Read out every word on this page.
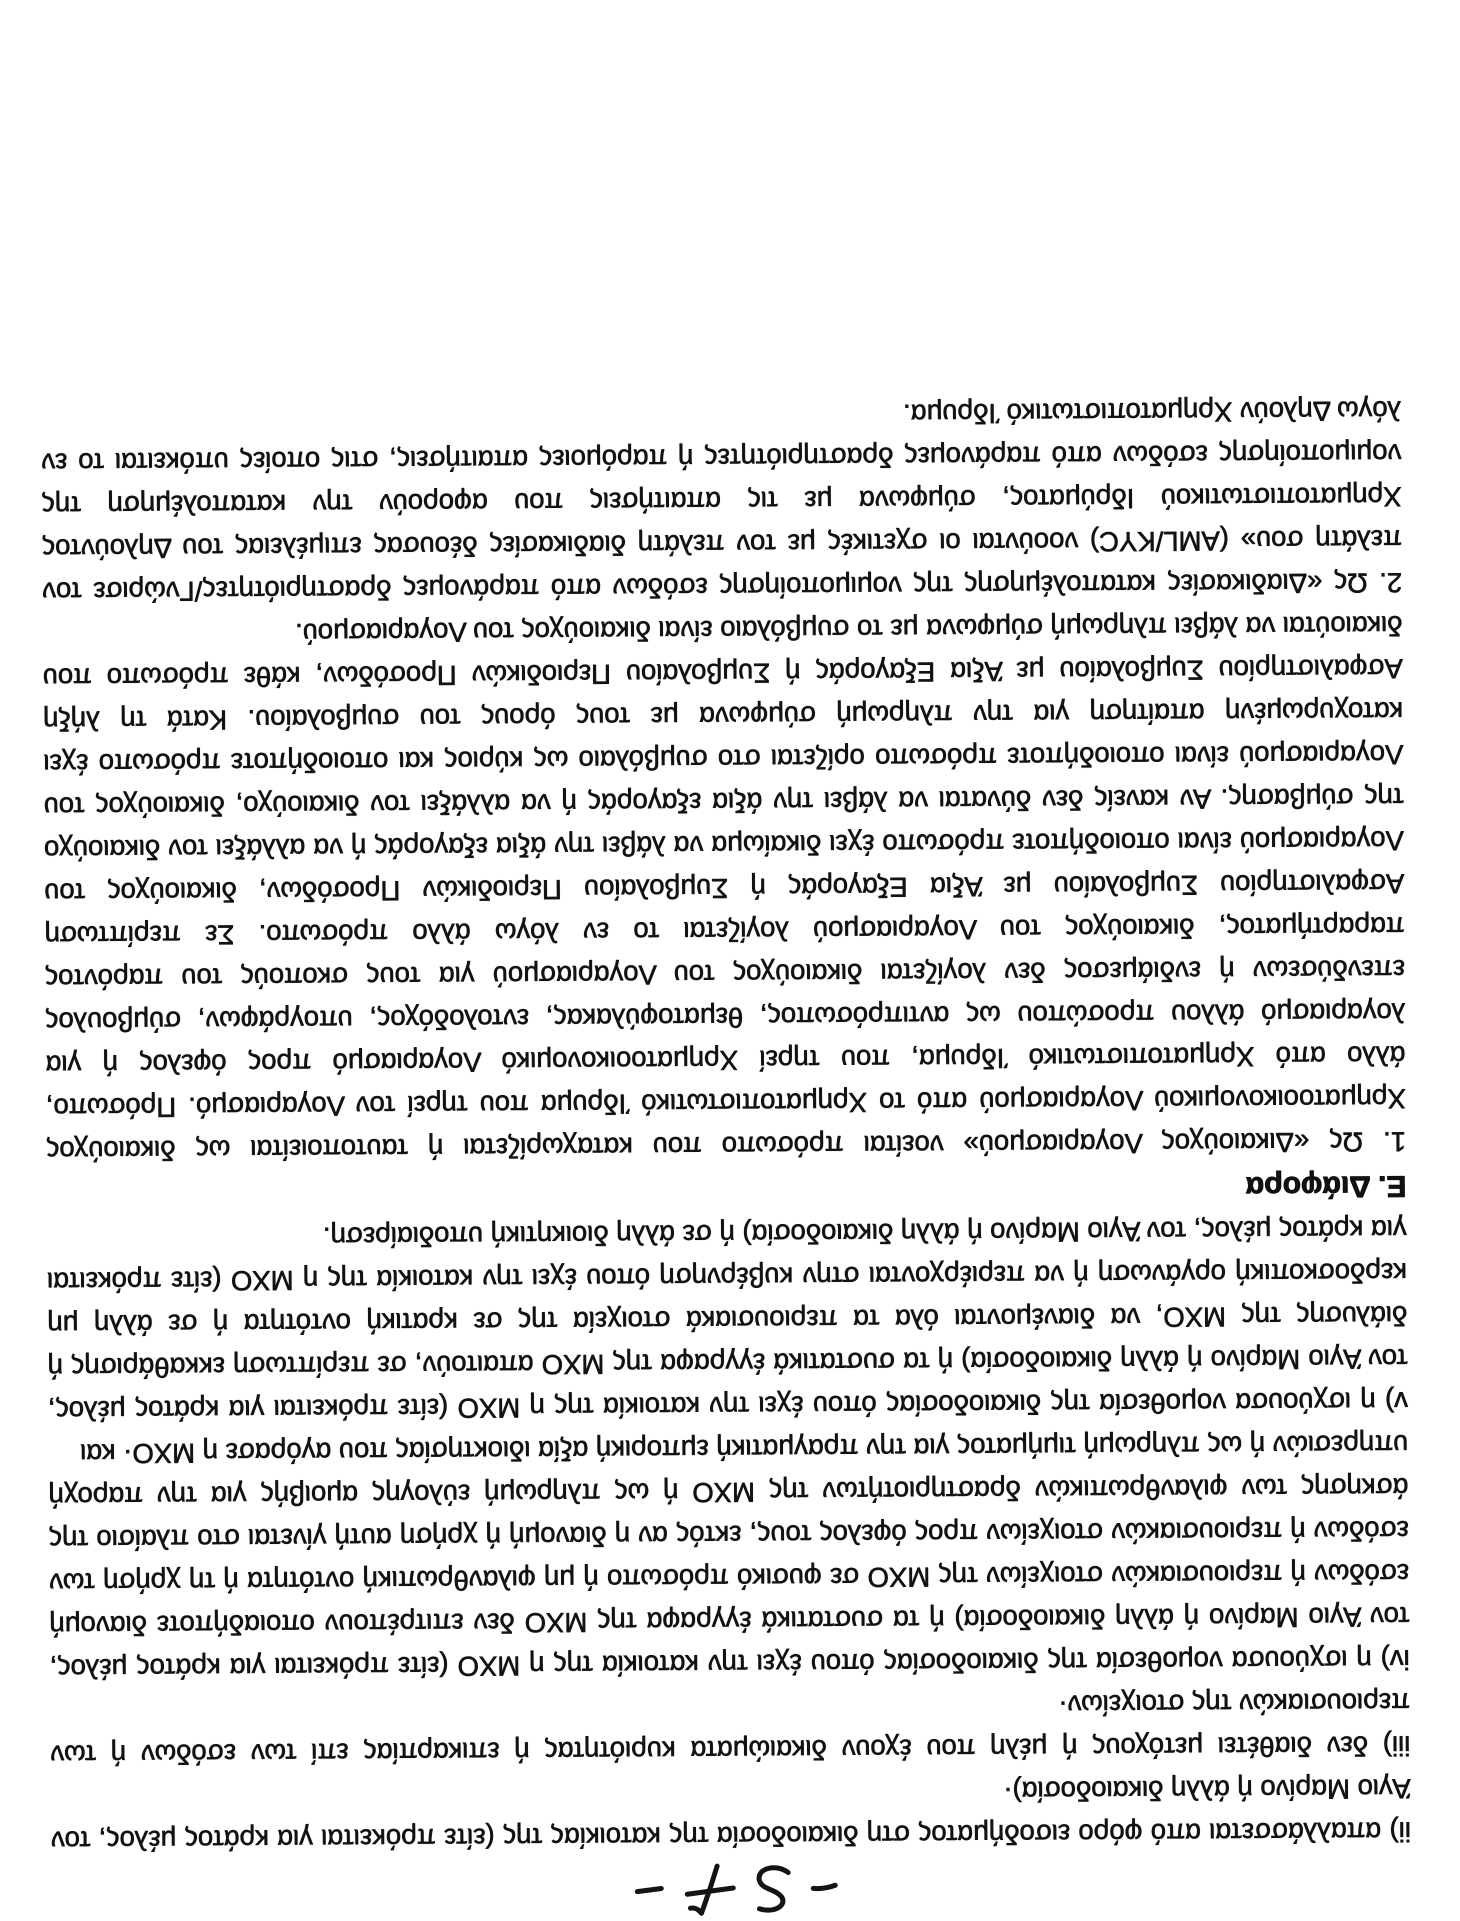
ii) απαλλάσσεται από φόρο εισοδήματος στη δικαιοδοσία της κατοικίας της (είτε πρόκειται για κράτος μέλος, τον Άγιο Μαρίνο ή άλλη δικαιοδοσία)·

iii) δεν διαθέτει μετόχους ή μέλη που έχουν δικαιώματα κυριότητας ή επικαρπίας επί των εσόδων ή των περιουσιακών της στοιχείων·

iv) η ισχύουσα νομοθεσία της δικαιοδοσίας όπου έχει την κατοικία της η ΜΧΟ (είτε πρόκειται για κράτος μέλος, τον Άγιο Μαρίνο ή άλλη δικαιοδοσία) ή τα συστατικά έγγραφα της ΜΧΟ δεν επιτρέπουν οποιαδήποτε διανομή εσόδων ή περιουσιακών στοιχείων της ΜΧΟ σε φυσικό πρόσωπο ή μη φιλανθρωπική οντότητα ή τη χρήση των εσόδων ή περιουσιακών στοιχείων προς όφελος τους, εκτός αν η διανομή ή χρήση αυτή γίνεται στο πλαίσιο της άσκησης των φιλανθρωπικών δραστηριοτήτων της ΜΧΟ ή ως πληρωμή εύλογης αμοιβής για την παροχή υπηρεσιών ή ως πληρωμή τιμήματος για την πραγματική εμπορική αξία ιδιοκτησίας που αγόρασε η ΜΧΟ· και

v) η ισχύουσα νομοθεσία της δικαιοδοσίας όπου έχει την κατοικία της η ΜΧΟ (είτε πρόκειται για κράτος μέλος, τον Άγιο Μαρίνο ή άλλη δικαιοδοσία) ή τα συστατικά έγγραφα της ΜΧΟ απαιτούν, σε περίπτωση εκκαθάρισης ή διάλυσης της ΜΧΟ, να διανέμονται όλα τα περιουσιακά στοιχεία της σε κρατική οντότητα ή σε άλλη μη κερδοσκοπική οργάνωση ή να περιέρχονται στην κυβέρνηση όπου έχει την κατοικία της η ΜΧΟ (είτε πρόκειται για κράτος μέλος, τον Άγιο Μαρίνο ή άλλη δικαιοδοσία) ή σε άλλη διοικητική υποδιαίρεση.

Ε. Διάφορα

1. Ως «Δικαιούχος Λογαριασμού» νοείται πρόσωπο που καταχωρίζεται ή ταυτοποιείται ως δικαιούχος Χρηματοοικονομικού Λογαριασμού από το Χρηματοπιστωτικό Ίδρυμα που τηρεί τον Λογαριασμό. Πρόσωπο, άλλο από Χρηματοπιστωτικό Ίδρυμα, που τηρεί Χρηματοοικονομικό Λογαριασμό προς όφελος ή για λογαριασμό άλλου προσώπου ως αντιπρόσωπος, θεματοφύλακας, εντολοδόχος, υπογράφων, σύμβουλος επενδύσεων ή ενδιάμεσος δεν λογίζεται δικαιούχος του Λογαριασμού για τους σκοπούς του παρόντος παραρτήματος, δικαιούχος του Λογαριασμού λογίζεται το εν λόγω άλλο πρόσωπο. Σε περίπτωση Ασφαλιστηρίου Συμβολαίου με Άξια Εξαγοράς ή Συμβολαίου Περιοδικών Προσόδων, δικαιούχος του Λογαριασμού είναι οποιοδήποτε πρόσωπο έχει δικαίωμα να λάβει την άξια εξαγοράς ή να αλλάξει τον δικαιούχο της σύμβασης. Αν κανείς δεν δύναται να λάβει την άξια εξαγοράς ή να αλλάξει τον δικαιούχο, δικαιούχος του Λογαριασμού είναι οποιοδήποτε πρόσωπο ορίζεται στο συμβόλαιο ως κύριος και οποιοδήποτε πρόσωπο έχει κατοχυρωμένη απαίτηση για την πληρωμή σύμφωνα με τους όρους του συμβολαίου. Κατά τη λήξη Ασφαλιστηρίου Συμβολαίου με Άξια Εξαγοράς ή Συμβολαίου Περιοδικών Προσόδων, κάθε πρόσωπο που δικαιούται να λάβει πληρωμή σύμφωνα με το συμβόλαιο είναι δικαιούχος του Λογαριασμού.

2. Ως «Διαδικασίες καταπολέμησης της νομιμοποίησης εσόδων από παράνομες δραστηριότητες/Γνώρισε τον πελάτη σου» (AML/KYC) νοούνται οι σχετικές με τον πελάτη διαδικασίες δέουσας επιμέλειας του Δηλούντος Χρηματοπιστωτικού Ιδρύματος, σύμφωνα με τις απαιτήσεις που αφορούν την καταπολέμηση της νομιμοποίησης εσόδων από παράνομες δραστηριότητες ή παρόμοιες απαιτήσεις, στις οποίες υπόκειται το εν λόγω Δηλούν Χρηματοπιστωτικό Ίδρυμα.
